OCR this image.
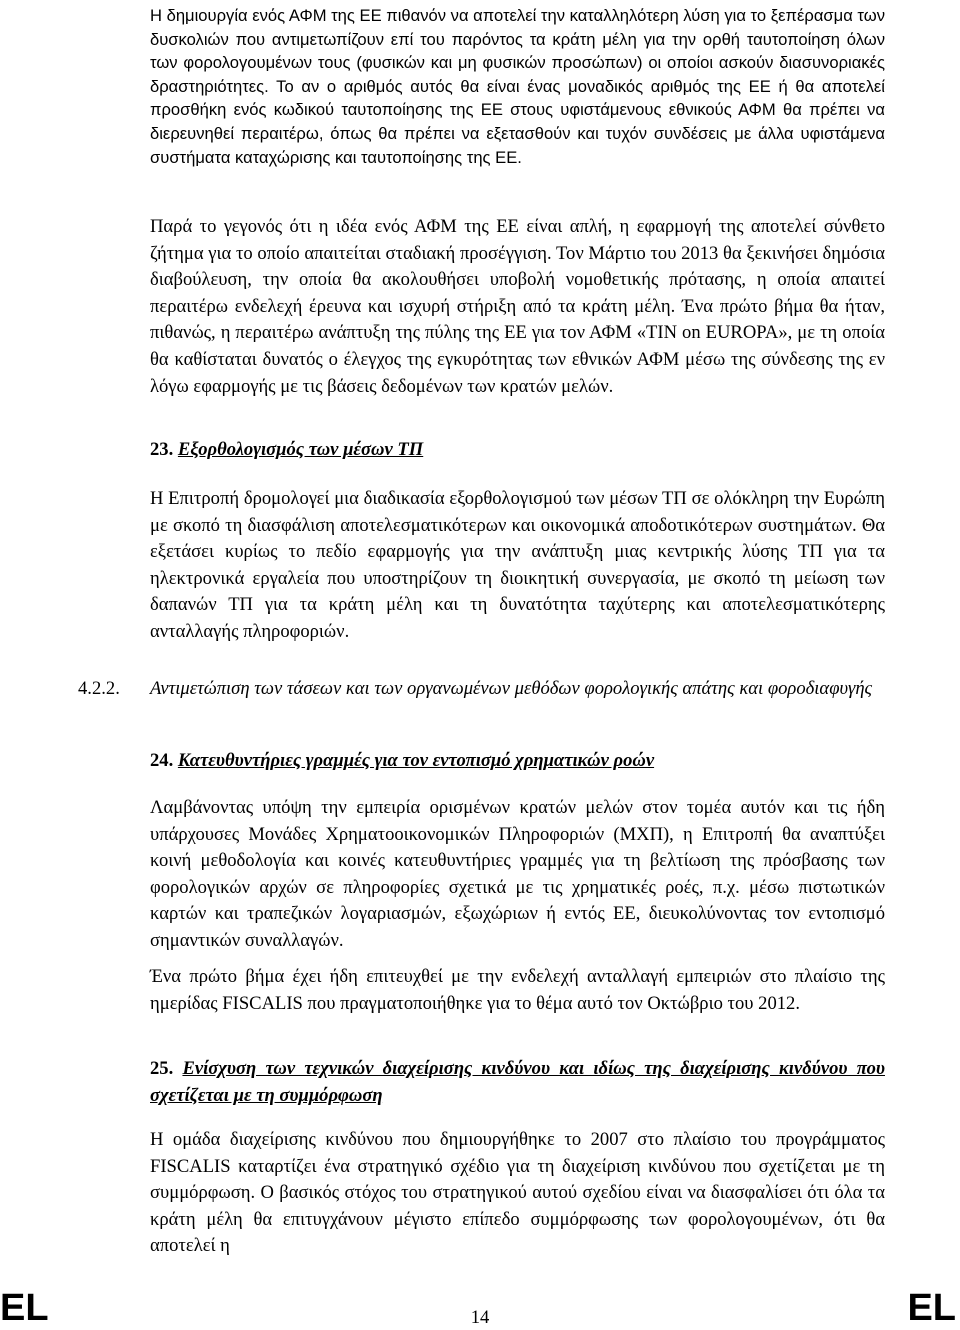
Η δημιουργία ενός ΑΦΜ της ΕΕ πιθανόν να αποτελεί την καταλληλότερη λύση για το ξεπέρασμα των δυσκολιών που αντιμετωπίζουν επί του παρόντος τα κράτη μέλη για την ορθή ταυτοποίηση όλων των φορολογουμένων τους (φυσικών και μη φυσικών προσώπων) οι οποίοι ασκούν διασυνοριακές δραστηριότητες. Το αν ο αριθμός αυτός θα είναι ένας μοναδικός αριθμός της ΕΕ ή θα αποτελεί προσθήκη ενός κωδικού ταυτοποίησης της ΕΕ στους υφιστάμενους εθνικούς ΑΦΜ θα πρέπει να διερευνηθεί περαιτέρω, όπως θα πρέπει να εξετασθούν και τυχόν συνδέσεις με άλλα υφιστάμενα συστήματα καταχώρισης και ταυτοποίησης της ΕΕ.

Παρά το γεγονός ότι η ιδέα ενός ΑΦΜ της ΕΕ είναι απλή, η εφαρμογή της αποτελεί σύνθετο ζήτημα για το οποίο απαιτείται σταδιακή προσέγγιση. Τον Μάρτιο του 2013 θα ξεκινήσει δημόσια διαβούλευση, την οποία θα ακολουθήσει υποβολή νομοθετικής πρότασης, η οποία απαιτεί περαιτέρω ενδελεχή έρευνα και ισχυρή στήριξη από τα κράτη μέλη. Ένα πρώτο βήμα θα ήταν, πιθανώς, η περαιτέρω ανάπτυξη της πύλης της ΕΕ για τον ΑΦΜ «TIN on EUROPA», με τη οποία θα καθίσταται δυνατός ο έλεγχος της εγκυρότητας των εθνικών ΑΦΜ μέσω της σύνδεσης της εν λόγω εφαρμογής με τις βάσεις δεδομένων των κρατών μελών.

23. Εξορθολογισμός των μέσων ΤΠ

Η Επιτροπή δρομολογεί μια διαδικασία εξορθολογισμού των μέσων ΤΠ σε ολόκληρη την Ευρώπη με σκοπό τη διασφάλιση αποτελεσματικότερων και οικονομικά αποδοτικότερων συστημάτων. Θα εξετάσει κυρίως το πεδίο εφαρμογής για την ανάπτυξη μιας κεντρικής λύσης ΤΠ για τα ηλεκτρονικά εργαλεία που υποστηρίζουν τη διοικητική συνεργασία, με σκοπό τη μείωση των δαπανών ΤΠ για τα κράτη μέλη και τη δυνατότητα ταχύτερης και αποτελεσματικότερης ανταλλαγής πληροφοριών.

24. Κατευθυντήριες γραμμές για τον εντοπισμό χρηματικών ροών

Λαμβάνοντας υπόψη την εμπειρία ορισμένων κρατών μελών στον τομέα αυτόν και τις ήδη υπάρχουσες Μονάδες Χρηματοοικονομικών Πληροφοριών (ΜΧΠ), η Επιτροπή θα αναπτύξει κοινή μεθοδολογία και κοινές κατευθυντήριες γραμμές για τη βελτίωση της πρόσβασης των φορολογικών αρχών σε πληροφορίες σχετικά με τις χρηματικές ροές, π.χ. μέσω πιστωτικών καρτών και τραπεζικών λογαριασμών, εξωχώριων ή εντός ΕΕ, διευκολύνοντας τον εντοπισμό σημαντικών συναλλαγών.

Ένα πρώτο βήμα έχει ήδη επιτευχθεί με την ενδελεχή ανταλλαγή εμπειριών στο πλαίσιο της ημερίδας FISCALIS που πραγματοποιήθηκε για το θέμα αυτό τον Οκτώβριο του 2012.

25. Ενίσχυση των τεχνικών διαχείρισης κινδύνου και ιδίως της διαχείρισης κινδύνου που σχετίζεται με τη συμμόρφωση

Η ομάδα διαχείρισης κινδύνου που δημιουργήθηκε το 2007 στο πλαίσιο του προγράμματος FISCALIS καταρτίζει ένα στρατηγικό σχέδιο για τη διαχείριση κινδύνου που σχετίζεται με τη συμμόρφωση. Ο βασικός στόχος του στρατηγικού αυτού σχεδίου είναι να διασφαλίσει ότι όλα τα κράτη μέλη θα επιτυγχάνουν μέγιστο επίπεδο συμμόρφωσης των φορολογουμένων, ότι θα αποτελεί η

4.2.2. Αντιμετώπιση των τάσεων και των οργανωμένων μεθόδων φορολογικής απάτης και φοροδιαφυγής
EL	14	EL
